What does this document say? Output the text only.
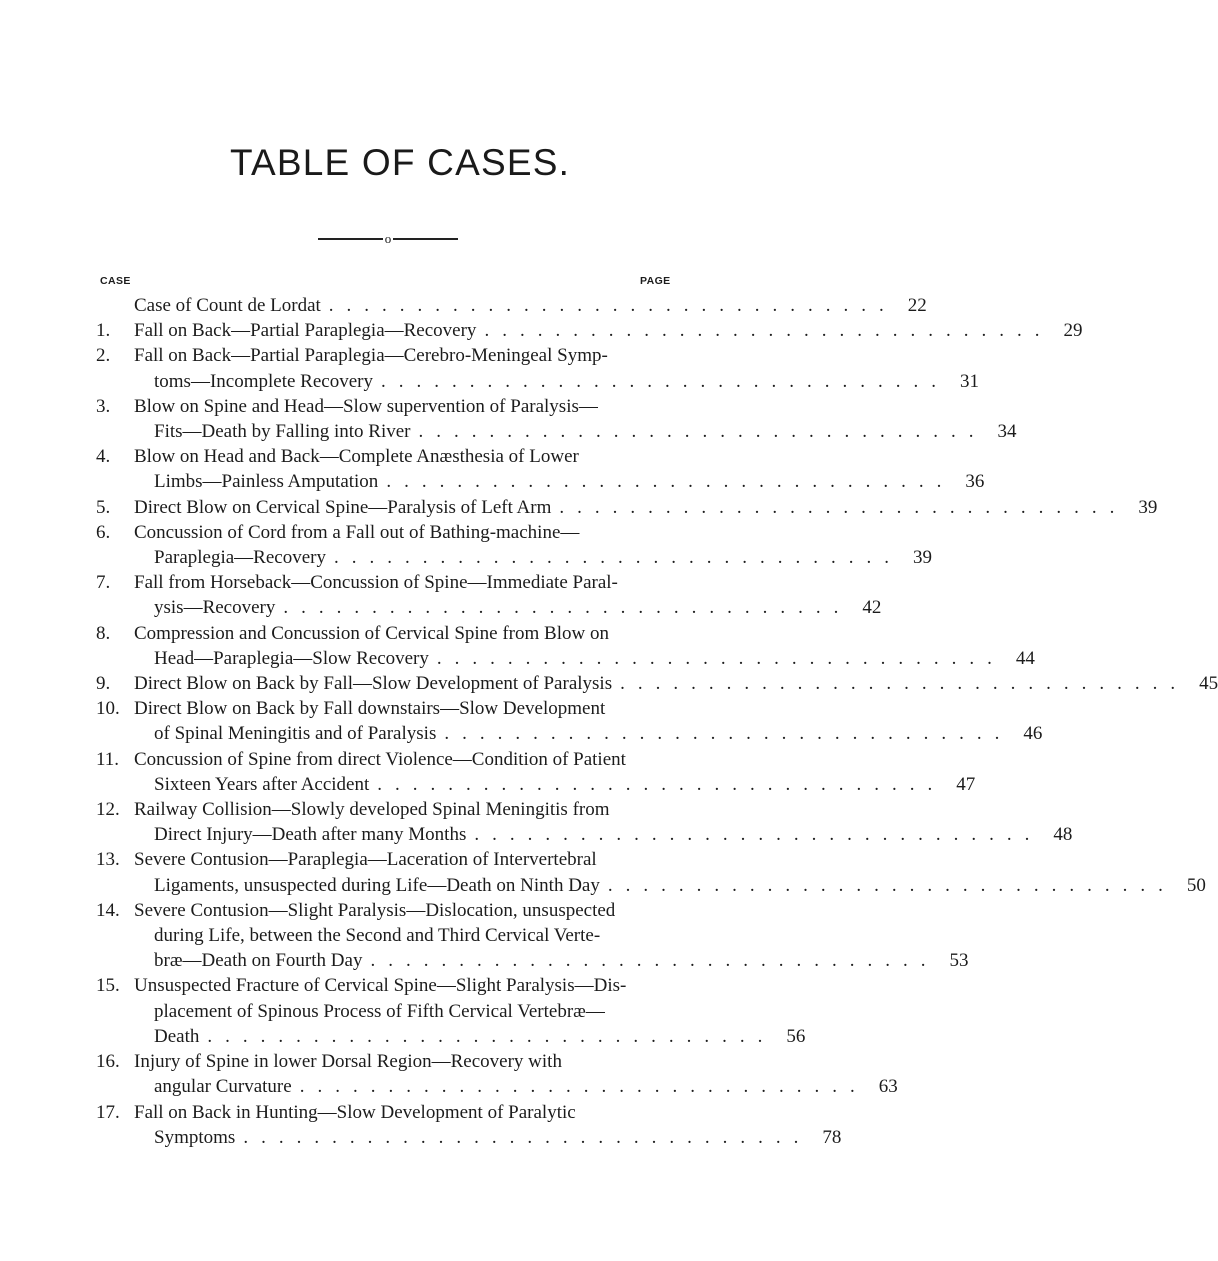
TABLE OF CASES.
o
CASE	PAGE
Case of Count de Lordat ................................ 22
1.	Fall on Back—Partial Paraplegia—Recovery ................................ 29
2.	Fall on Back—Partial Paraplegia—Cerebro-Meningeal Symp-
toms—Incomplete Recovery ................................ 31
3.	Blow on Spine and Head—Slow supervention of Paralysis—
Fits—Death by Falling into River ................................ 34
4.	Blow on Head and Back—Complete Anæsthesia of Lower
Limbs—Painless Amputation ................................ 36
5.	Direct Blow on Cervical Spine—Paralysis of Left Arm ................................ 39
6.	Concussion of Cord from a Fall out of Bathing-machine—
Paraplegia—Recovery ................................ 39
7.	Fall from Horseback—Concussion of Spine—Immediate Paral-
ysis—Recovery ................................ 42
8.	Compression and Concussion of Cervical Spine from Blow on
Head—Paraplegia—Slow Recovery ................................ 44
9.	Direct Blow on Back by Fall—Slow Development of Paralysis ................................ 45
10. Direct Blow on Back by Fall downstairs—Slow Development
of Spinal Meningitis and of Paralysis ................................ 46
11. Concussion of Spine from direct Violence—Condition of Patient
Sixteen Years after Accident ................................ 47
12. Railway Collision—Slowly developed Spinal Meningitis from
Direct Injury—Death after many Months ................................ 48
13. Severe Contusion—Paraplegia—Laceration of Intervertebral
Ligaments, unsuspected during Life—Death on Ninth Day ................................ 50
14. Severe Contusion—Slight Paralysis—Dislocation, unsuspected
during Life, between the Second and Third Cervical Verte-
bræ—Death on Fourth Day ................................ 53
15. Unsuspected Fracture of Cervical Spine—Slight Paralysis—Dis-
placement of Spinous Process of Fifth Cervical Vertebræ—
Death ................................ 56
16. Injury of Spine in lower Dorsal Region—Recovery with
angular Curvature ................................ 63
17. Fall on Back in Hunting—Slow Development of Paralytic
Symptoms ................................ 78
